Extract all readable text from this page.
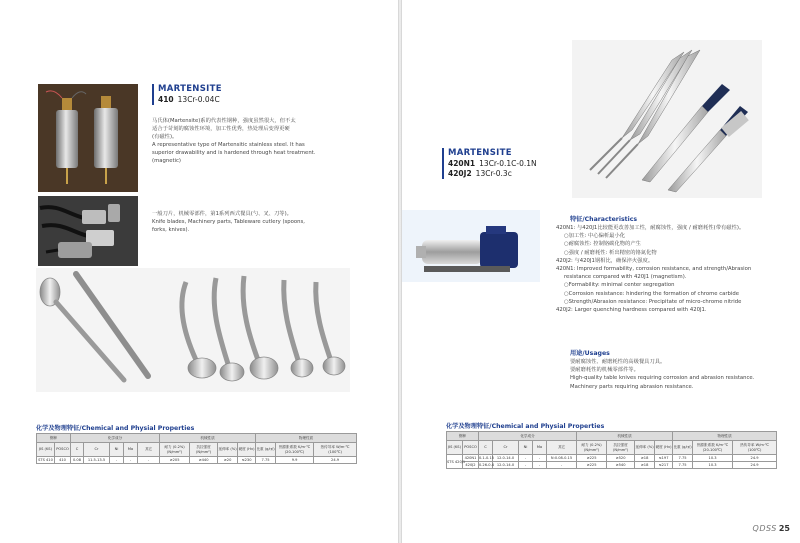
MARTENSITE
410 13Cr-0.04C

马氏体(Martensite)系的代表性钢种，强度虽然很大，但不太

适合于苛刻的腐蚀性环境，加工性优秀，热处理后变得更硬

(有磁性)。

A representative type of Martensitic stainless steel. It has

superior drawability and is hardened through heat treatment.

(magnetic)

一般刀片，机械零部件，第1系列西式餐具(勺、叉、刀等)。

Knife blades, Machinery parts, Tableware cutlery (spoons,

forks, knives).

化学及物理特征/Chemical and Physial Properties
钢种		化学成分					机械性质				物理性质		
JIS (KS)	POSCO	C	Cr	Ni	Mo	其它	耐力 (0.2%) (N/mm²)	抗拉强度 (N/mm²)	延伸率 (%)	硬度 (Hv)	比重 (g/㎤)	热膨胀系数 K/m·℃ (20-100℃)	热传导率 W/m·℃ (100℃)
STS 410	410	0.08	11.5-13.5	-	-	-	≥205	≥440	≥20	≤230	7.75	9.9	24.9
MARTENSITE
420N1 13Cr-0.1C-0.1N
420J2 13Cr-0.3c
特征/Characteristics
420N1: 与420J1比较能更改善加工性，耐腐蚀性，强度 / 耐磨耗性(带有磁性)。
○加工性: 中心偏析最小化
○耐腐蚀性: 控制铬碳化物的产生
○强度 / 耐磨耗性: 析出精密的铬氮化物
420J2: 与420J1钢相比，确保淬火强度。
420N1: Improved formability, corrosion resistance, and strength/Abrasion
resistance compared with 420J1 (magnetism).
○Formability: minimal center segregation
○Corrosion resistance: hindering the formation of chrome carbide
○Strength/Abrasion resistance: Precipitate of micro-chrome nitride
420J2: Larger quenching hardness compared with 420J1.
用途/Usages
要耐腐蚀性、耐磨耗性的高级餐具刀具。
要耐磨耗性的机械零部件等。
High-quality table knives requiring corrosion and abrasion resistance.
Machinery parts requiring abrasion resistance.
化学及物理特征/Chemical and Physial Properties
钢种		化学成分					机械性质				物理性质		
JIS (KS)	POSCO	C	Cr	Ni	Mo	其它	耐力 (0.2%) (N/mm²)	抗拉强度 (N/mm²)	延伸率 (%)	硬度 (Hv)	比重 (g/㎤)	热膨胀系数 K/m·℃ (20-100℃)	热传导率 W/m·℃ (100℃)
STS 420J1	420N1	0.1-0.15	12.0-14.0	-	-	N:0.08-0.15	≥225	≥520	≥18	≤197	7.75	10.3	24.9
	420J2	0.26-0.4	12.0-14.0	-	-	-	≥225	≥540	≥18	≤217	7.75	10.3	24.9
QDSS 25
